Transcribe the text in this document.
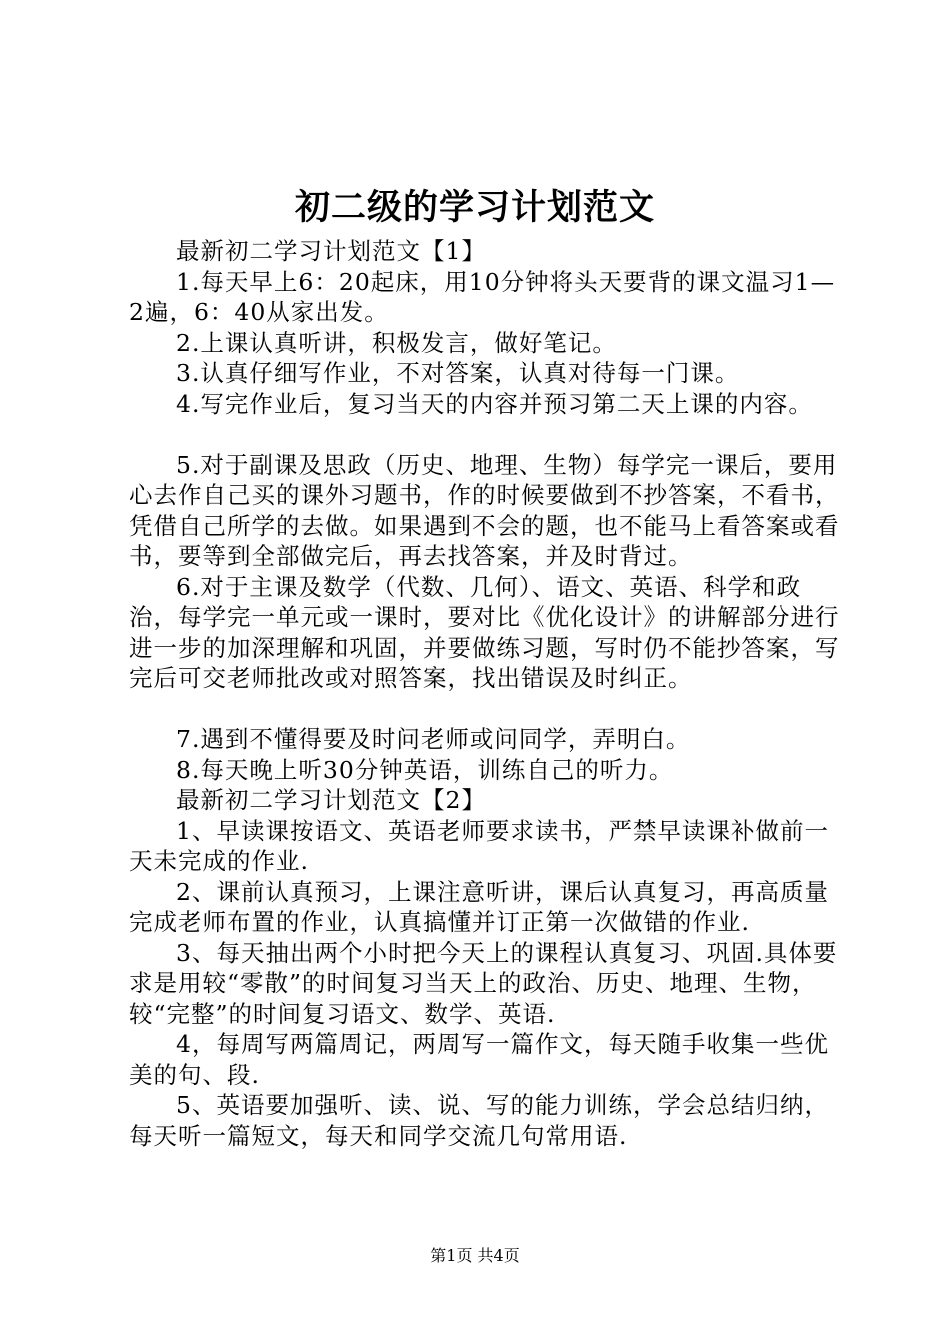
初二级的学习计划范文

最新初二学习计划范文【1】

1.每天早上6：20起床，用10分钟将头天要背的课文温习1—2遍，6：40从家出发。

2.上课认真听讲，积极发言，做好笔记。

3.认真仔细写作业，不对答案，认真对待每一门课。

4.写完作业后，复习当天的内容并预习第二天上课的内容。

5.对于副课及思政（历史、地理、生物）每学完一课后，要用心去作自己买的课外习题书，作的时候要做到不抄答案，不看书，凭借自己所学的去做。如果遇到不会的题，也不能马上看答案或看书，要等到全部做完后，再去找答案，并及时背过。

6.对于主课及数学（代数、几何）、语文、英语、科学和政治，每学完一单元或一课时，要对比《优化设计》的讲解部分进行进一步的加深理解和巩固，并要做练习题，写时仍不能抄答案，写完后可交老师批改或对照答案，找出错误及时纠正。

7.遇到不懂得要及时问老师或问同学，弄明白。

8.每天晚上听30分钟英语，训练自己的听力。

最新初二学习计划范文【2】

1、早读课按语文、英语老师要求读书，严禁早读课补做前一天未完成的作业.

2、课前认真预习，上课注意听讲，课后认真复习，再高质量完成老师布置的作业，认真搞懂并订正第一次做错的作业.

3、每天抽出两个小时把今天上的课程认真复习、巩固.具体要求是用较“零散”的时间复习当天上的政治、历史、地理、生物，较“完整”的时间复习语文、数学、英语.

4，每周写两篇周记，两周写一篇作文，每天随手收集一些优美的句、段.

5、英语要加强听、读、说、写的能力训练，学会总结归纳，每天听一篇短文，每天和同学交流几句常用语.

第1页 共4页
